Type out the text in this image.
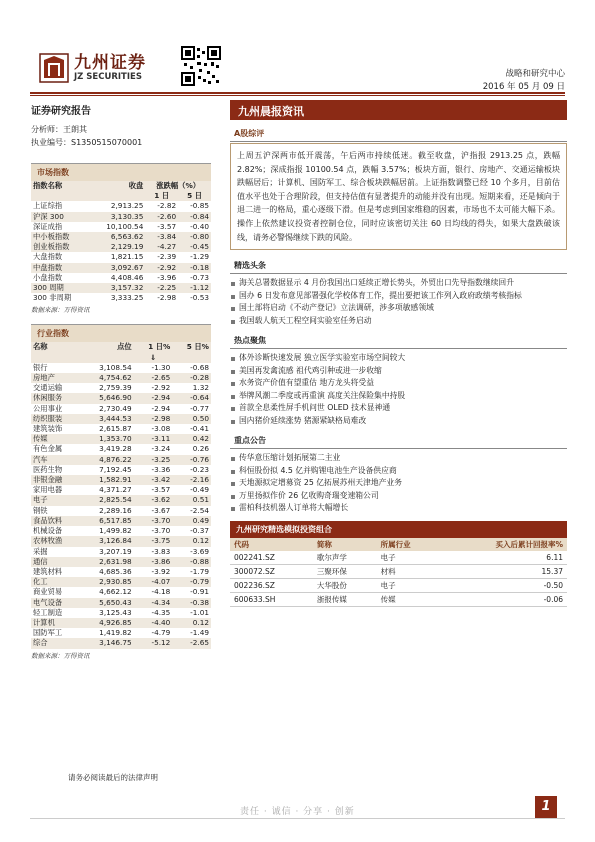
九州证券
JZ SECURITIES	战略和研究中心
2016 年 05 月 09 日
证券研究报告
分析师：王朗其
执业编号：S1350515070001
市场指数
指数名称	收盘	涨跌幅（%）	
		1 日	5 日
上证综指	2,913.25	-2.82	-0.85
沪深 300	3,130.35	-2.60	-0.84
深证成指	10,100.54	-3.57	-0.40
中小板指数	6,563.62	-3.84	-0.80
创业板指数	2,129.19	-4.27	-0.45
大盘指数	1,821.15	-2.39	-1.29
中盘指数	3,092.67	-2.92	-0.18
小盘指数	4,408.46	-3.96	-0.73
300 周期	3,157.32	-2.25	-1.12
300 非周期	3,333.25	-2.98	-0.53
数据来源：万得资讯
行业指数
名称	点位	1 日%	5 日%
		⇓	
银行	3,108.54	-1.30	-0.68
房地产	4,754.62	-2.65	-0.28
交通运输	2,759.39	-2.92	1.32
休闲服务	5,646.90	-2.94	-0.64
公用事业	2,730.49	-2.94	-0.77
纺织服装	3,444.53	-2.98	0.50
建筑装饰	2,615.87	-3.08	-0.41
传媒	1,353.70	-3.11	0.42
有色金属	3,419.28	-3.24	0.26
汽车	4,876.22	-3.25	-0.76
医药生物	7,192.45	-3.36	-0.23
非银金融	1,582.91	-3.42	-2.16
家用电器	4,371.27	-3.57	-0.49
电子	2,825.54	-3.62	0.51
钢铁	2,289.16	-3.67	-2.54
食品饮料	6,517.85	-3.70	0.49
机械设备	1,499.82	-3.70	-0.37
农林牧渔	3,126.84	-3.75	0.12
采掘	3,207.19	-3.83	-3.69
通信	2,631.98	-3.86	-0.88
建筑材料	4,685.36	-3.92	-1.79
化工	2,930.85	-4.07	-0.79
商业贸易	4,662.12	-4.18	-0.91
电气设备	5,650.43	-4.34	-0.38
轻工制造	3,125.43	-4.35	-1.01
计算机	4,926.85	-4.40	0.12
国防军工	1,419.82	-4.79	-1.49
综合	3,146.75	-5.12	-2.65
数据来源：万得资讯
九州晨报资讯
A股综评
上周五沪深两市低开震荡，午后两市持续低迷。截至收盘，沪指报 2913.25 点，跌幅 2.82%；深成指报 10100.54 点，跌幅 3.57%；板块方面，银行、房地产、交通运输板块跌幅居后；计算机、国防军工、综合板块跌幅居前。上证指数调整已经 10 个多月，目前估值水平也处于合理阶段，但支持估值有显著提升的动能并没有出现。短期来看，还是倾向于退二进一的格局，重心逐级下滑。但是考虑到国家维稳的因素，市场也不太可能大幅下杀。操作上依然建议投资者控制仓位，同时应该密切关注 60 日均线的得失，如果大盘跌破该线，请务必警惕继续下跌的风险。
精选头条
海关总署数据显示 4 月份我国出口延续正增长势头，外贸出口先导指数继续回升
国办 6 日发布意见部署强化学校体育工作，提出要把该工作列入政府政绩考核指标
国土部将启动《不动产登记》立法调研，涉多项敏感领域
我国载人航天工程空间实验室任务启动
热点聚焦
体外诊断快速发展 独立医学实验室市场空间较大
美国再发禽流感 祖代鸡引种或进一步收缩
水务资产价值有望重估 地方龙头将受益
举牌风潮二季度或再重演 高度关注保险集中持股
首款全息柔性屏手机问世 OLED 技术显神通
国内猪价延续涨势 猪源紧缺格局难改
重点公告
传华意压缩计划拓展第二主业
科恒股份拟 4.5 亿并购锂电池生产设备供应商
天地源拟定增募资 25 亿拓展苏州天津地产业务
万里扬拟作价 26 亿收购奇瑞变速箱公司
雷柏科技机器人订单将大幅增长
九州研究精选模拟投资组合
代码	简称	所属行业	买入后累计回报率%
002241.SZ	歌尔声学	电子	6.11
300072.SZ	三聚环保	材料	15.37
002236.SZ	大华股份	电子	-0.50
600633.SH	浙报传媒	传媒	-0.06
请务必阅读最后的法律声明
责任 · 诚信 · 分享 · 创新	1
